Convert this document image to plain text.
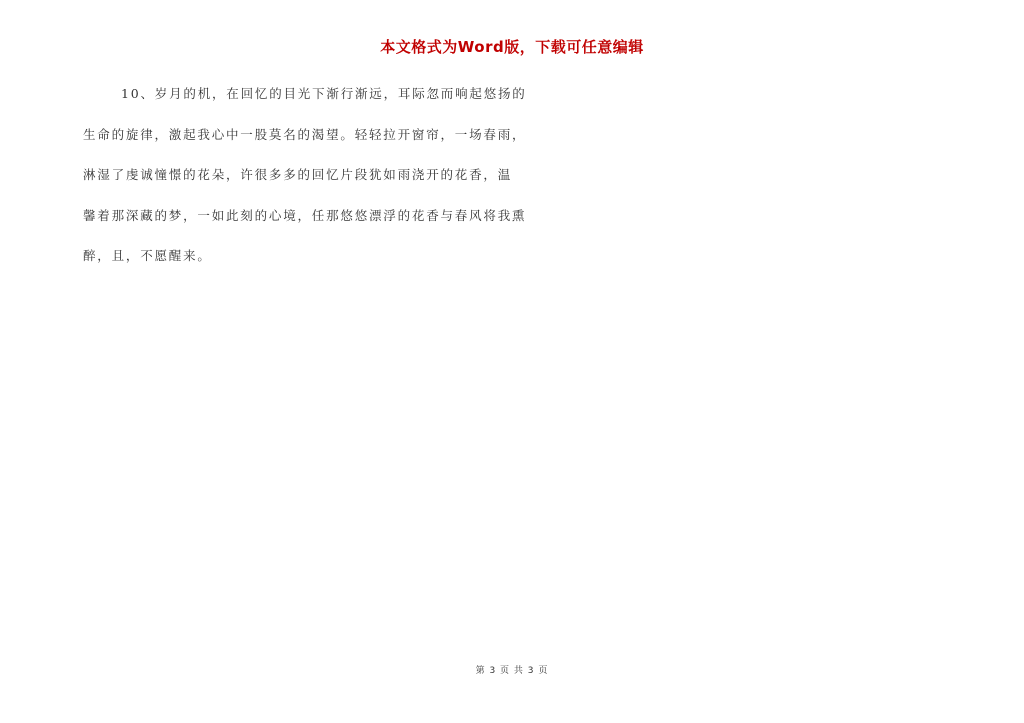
本文格式为Word版，下载可任意编辑
10、岁月的机，在回忆的目光下渐行渐远，耳际忽而响起悠扬的
生命的旋律，激起我心中一股莫名的渴望。轻轻拉开窗帘，一场春雨，
淋湿了虔诚憧憬的花朵，许很多多的回忆片段犹如雨浇开的花香，温
馨着那深藏的梦，一如此刻的心境，任那悠悠漂浮的花香与春风将我熏
醉，且，不愿醒来。
第 3 页 共 3 页
